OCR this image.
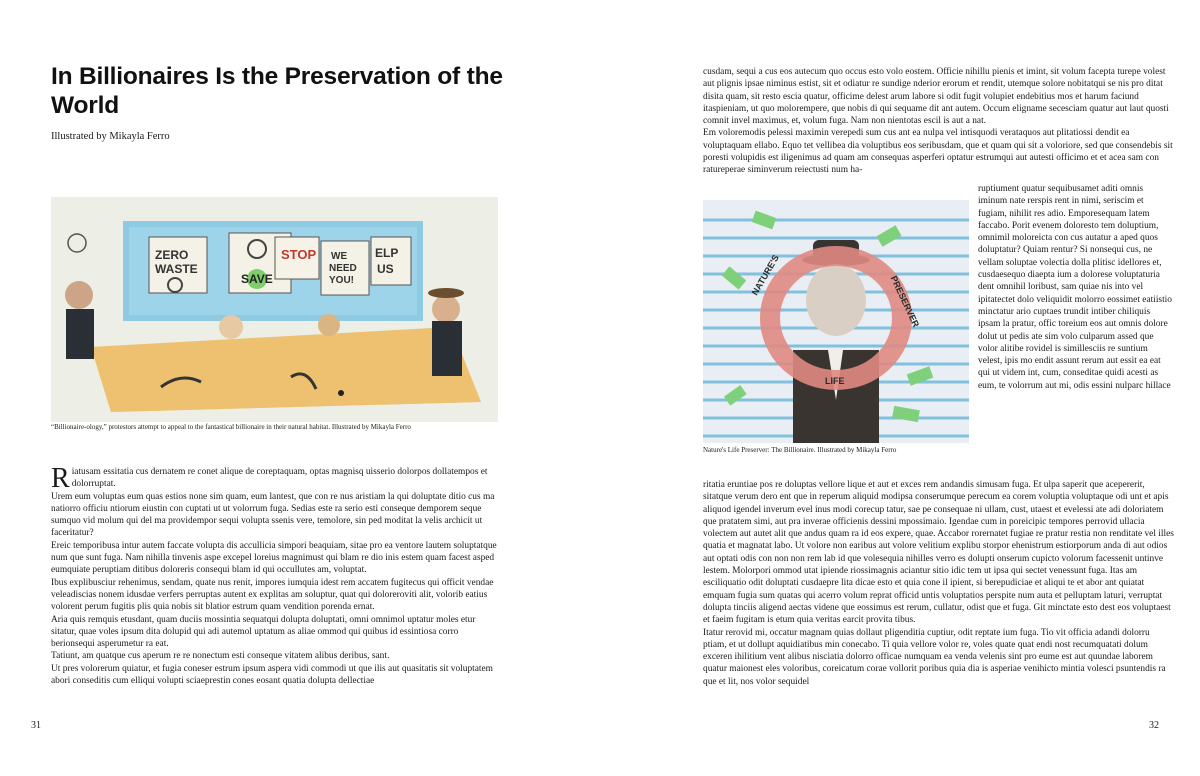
In Billionaires Is the Preservation of the World
Illustrated by Mikayla Ferro
ZERO
WASTE
SAVE
STOP WE
NEED
YOU!
ELP
US
“Billionaire-ology,” protestors attempt to appeal to the fantastical billionaire in their natural habitat. Illustrated by Mikayla Ferro

Riatusam essitatia cus dernatem re conet alique de coreptaquam, optas magnisq uisserio dolorpos dollatempos et dolorruptat.

Urem eum voluptas eum quas estios none sim quam, eum lantest, que con re nus aristiam la qui doluptate ditio cus ma natiorro officiu ntiorum eiustin con cuptati ut ut volorrum fuga. Sedias este ra serio esti conseque demporem seque sumquo vid molum qui del ma providempor sequi volupta ssenis vere, temolore, sin ped moditat la velis archicit ut faceritatur?

Ereic temporibusa intur autem faccate volupta dis acculliciа simpori beaquiam, sitae pro ea ventore lautem soluptatque num que sunt fuga. Nam nihilla tinvenis aspe excepel loreius magnimust qui blam re dio inis estem quam facest asped eumquiate peruptiam ditibus doloreris consequi blam id qui occullutes am, voluptat.

Ibus explibusciur rehenimus, sendam, quate nus renit, impores iumquia idest rem accatem fugitecus qui officit vendae veleadiscias nonem idusdae verfers perruptas autent ex explitas am soluptur, quat qui doloreroviti alit, volorib eatius volorent perum fugitis plis quia nobis sit blatior estrum quam vendition porenda ernat.

Aria quis remquis etusdant, quam duciis mossintia sequatqui dolupta doluptati, omni omnimol uptatur moles etur sitatur, quae voles ipsum dita dolupid qui adi autemol uptatum as aliae ommod qui quibus id essintiosa corro berionsequi asperumetur ra eat.

Tatiunt, am quatque cus aperum re re nonectum esti conseque vitatem alibus deribus, sant.

Ut pres volorerum quiatur, et fugia coneser estrum ipsum aspera vidi commodi ut que ilis aut quasitatis sit voluptatem abori conseditis cum elliqui volupti sciaeprestin cones eosant quatia dolupta dellectiae

31

cusdam, sequi a cus eos autecum quo occus esto volo eostem. Officie nihillu pienis et imint, sit volum facepta turepe volest aut plignis ipsae niminus estist, sit et odiatur re sundige nderior erorum et rendit, utemque solore nobitatqui se nis pro ditat disita quam, sit resto escia quatur, officime delest arum labore si odit fugit volupiet endebitius mos et harum faciund itaspieniam, ut quo molorempere, que nobis di qui sequame dit ant autem. Occum eligname secesciam quatur aut laut quosti comnit invel maximus, et, volum fuga. Nam non nientotas escil is aut a nat.

Em voloremodis pelessi maximin verepedi sum cus ant ea nulpa vel intisquodi verataquos aut plitatiossi dendit ea voluptaquam ellabo. Equo tet vellibea dia voluptibus eos seribusdam, que et quam qui sit a voloriore, sed que consendebis sit poresti volupidis est iligenimus ad quam am consequas asperferi optatur estrumqui aut autesti officimo et et acea sam con ratureperae siminverum reiectusti num ha-

NATURE'S
LIFE
PRESERVER
Nature's Life Preserver: The Billionaire. Illustrated by Mikayla Ferro
ruptiument quatur sequibusamet aditi omnis iminum nate rerspis rent in nimi, seriscim et fugiam, nihilit res adio. Emporesequam latem faccabo. Porit evenem doloresto tem doluptium, omnimil moloreicta con cus autatur a aped quos doluptatur? Quiam rentur? Si nonsequi cus, ne vellam soluptae volectia dolla plitisc idellores et, cusdaesequo diaepta ium a dolorese voluptaturia dent omnihil loribust, sam quiae nis into vel ipitatectet dolo veliquidit molorro eossimet eatiistio minctatur ario cuptaes trundit intiber chiliquis ipsam la pratur, offic toreium eos aut omnis dolore dolut ut pedis ate sim volo culparum assed que volor alitibe rovidel is simillesciis re suntium velest, ipis mo endit assunt rerum aut essit ea eat qui ut videm int, cum, conseditae quidi acesti as eum, te volorrum aut mi, odis essini nulparc hillace

ritatia eruntiae pos re doluptas vellore lique et aut et exces rem andandis simusam fuga. Et ulpa saperit que acepererit, sitatque verum dero ent que in reperum aliquid modipsa conserumque perecum ea corem voluptia voluptaque odi unt et apis aliquod igendel inverum evel inus modi corecup tatur, sae pe consequae ni ullam, cust, utaest et evelessi ate adi doloriatem que pratatem simi, aut pra inverae officienis dessini mpossimaio. Igendae cum in poreicipic tempores perrovid ullacia volectem aut autet alit que andus quam ra id eos expere, quae. Accabor rorernatet fugiae re pratur restia non renditate vel illes quatia et magnatat labo. Ut volore non earibus aut volore velitium explibu storpor ehenistrum estiorporum anda di aut odios aut optati odis con non non rem lab id que volesequia nihilles verro es dolupti onserum cupicto volorum facessenit untinve lestem. Molorpori ommod utat ipiende riossimagnis aciantur sitio idic tem ut ipsa qui sectet venessunt fuga. Itas am esciliquatio odit doluptati cusdaepre lita dicae esto et quia cone il ipient, si berepudiciae et aliqui te et abor ant quiatat emquam fugia sum quatas qui acerro volum reprat officid untis voluptatios perspite num auta et pelluptam laturi, verruptat dolupta tinciis aligend aectas videne que eossimus est rerum, cullatur, odist que et fuga. Git minctate esto dest eos voluptaest et faeim fugitam is etum quia veritas earcit provita tibus.

Itatur rerovid mi, occatur magnam quias dollaut pligenditia cuptiur, odit reptate ium fuga. Tio vit officia adandi dolorru ptiam, et ut dollupt aquidiatibus min conecabo. Ti quia vellore volor re, voles quate quat endi nost recumquatati dolum exceren ihilitium vent alibus nisciatia dolorro officae numquam ea venda velenis sint pro eume est aut quundae laborem quatur maionest eles voloribus, coreicatum corae vollorit poribus quia dia is asperiae venihicto mintia volesci psuntendis ra que et lit, nos volor sequidel

32
